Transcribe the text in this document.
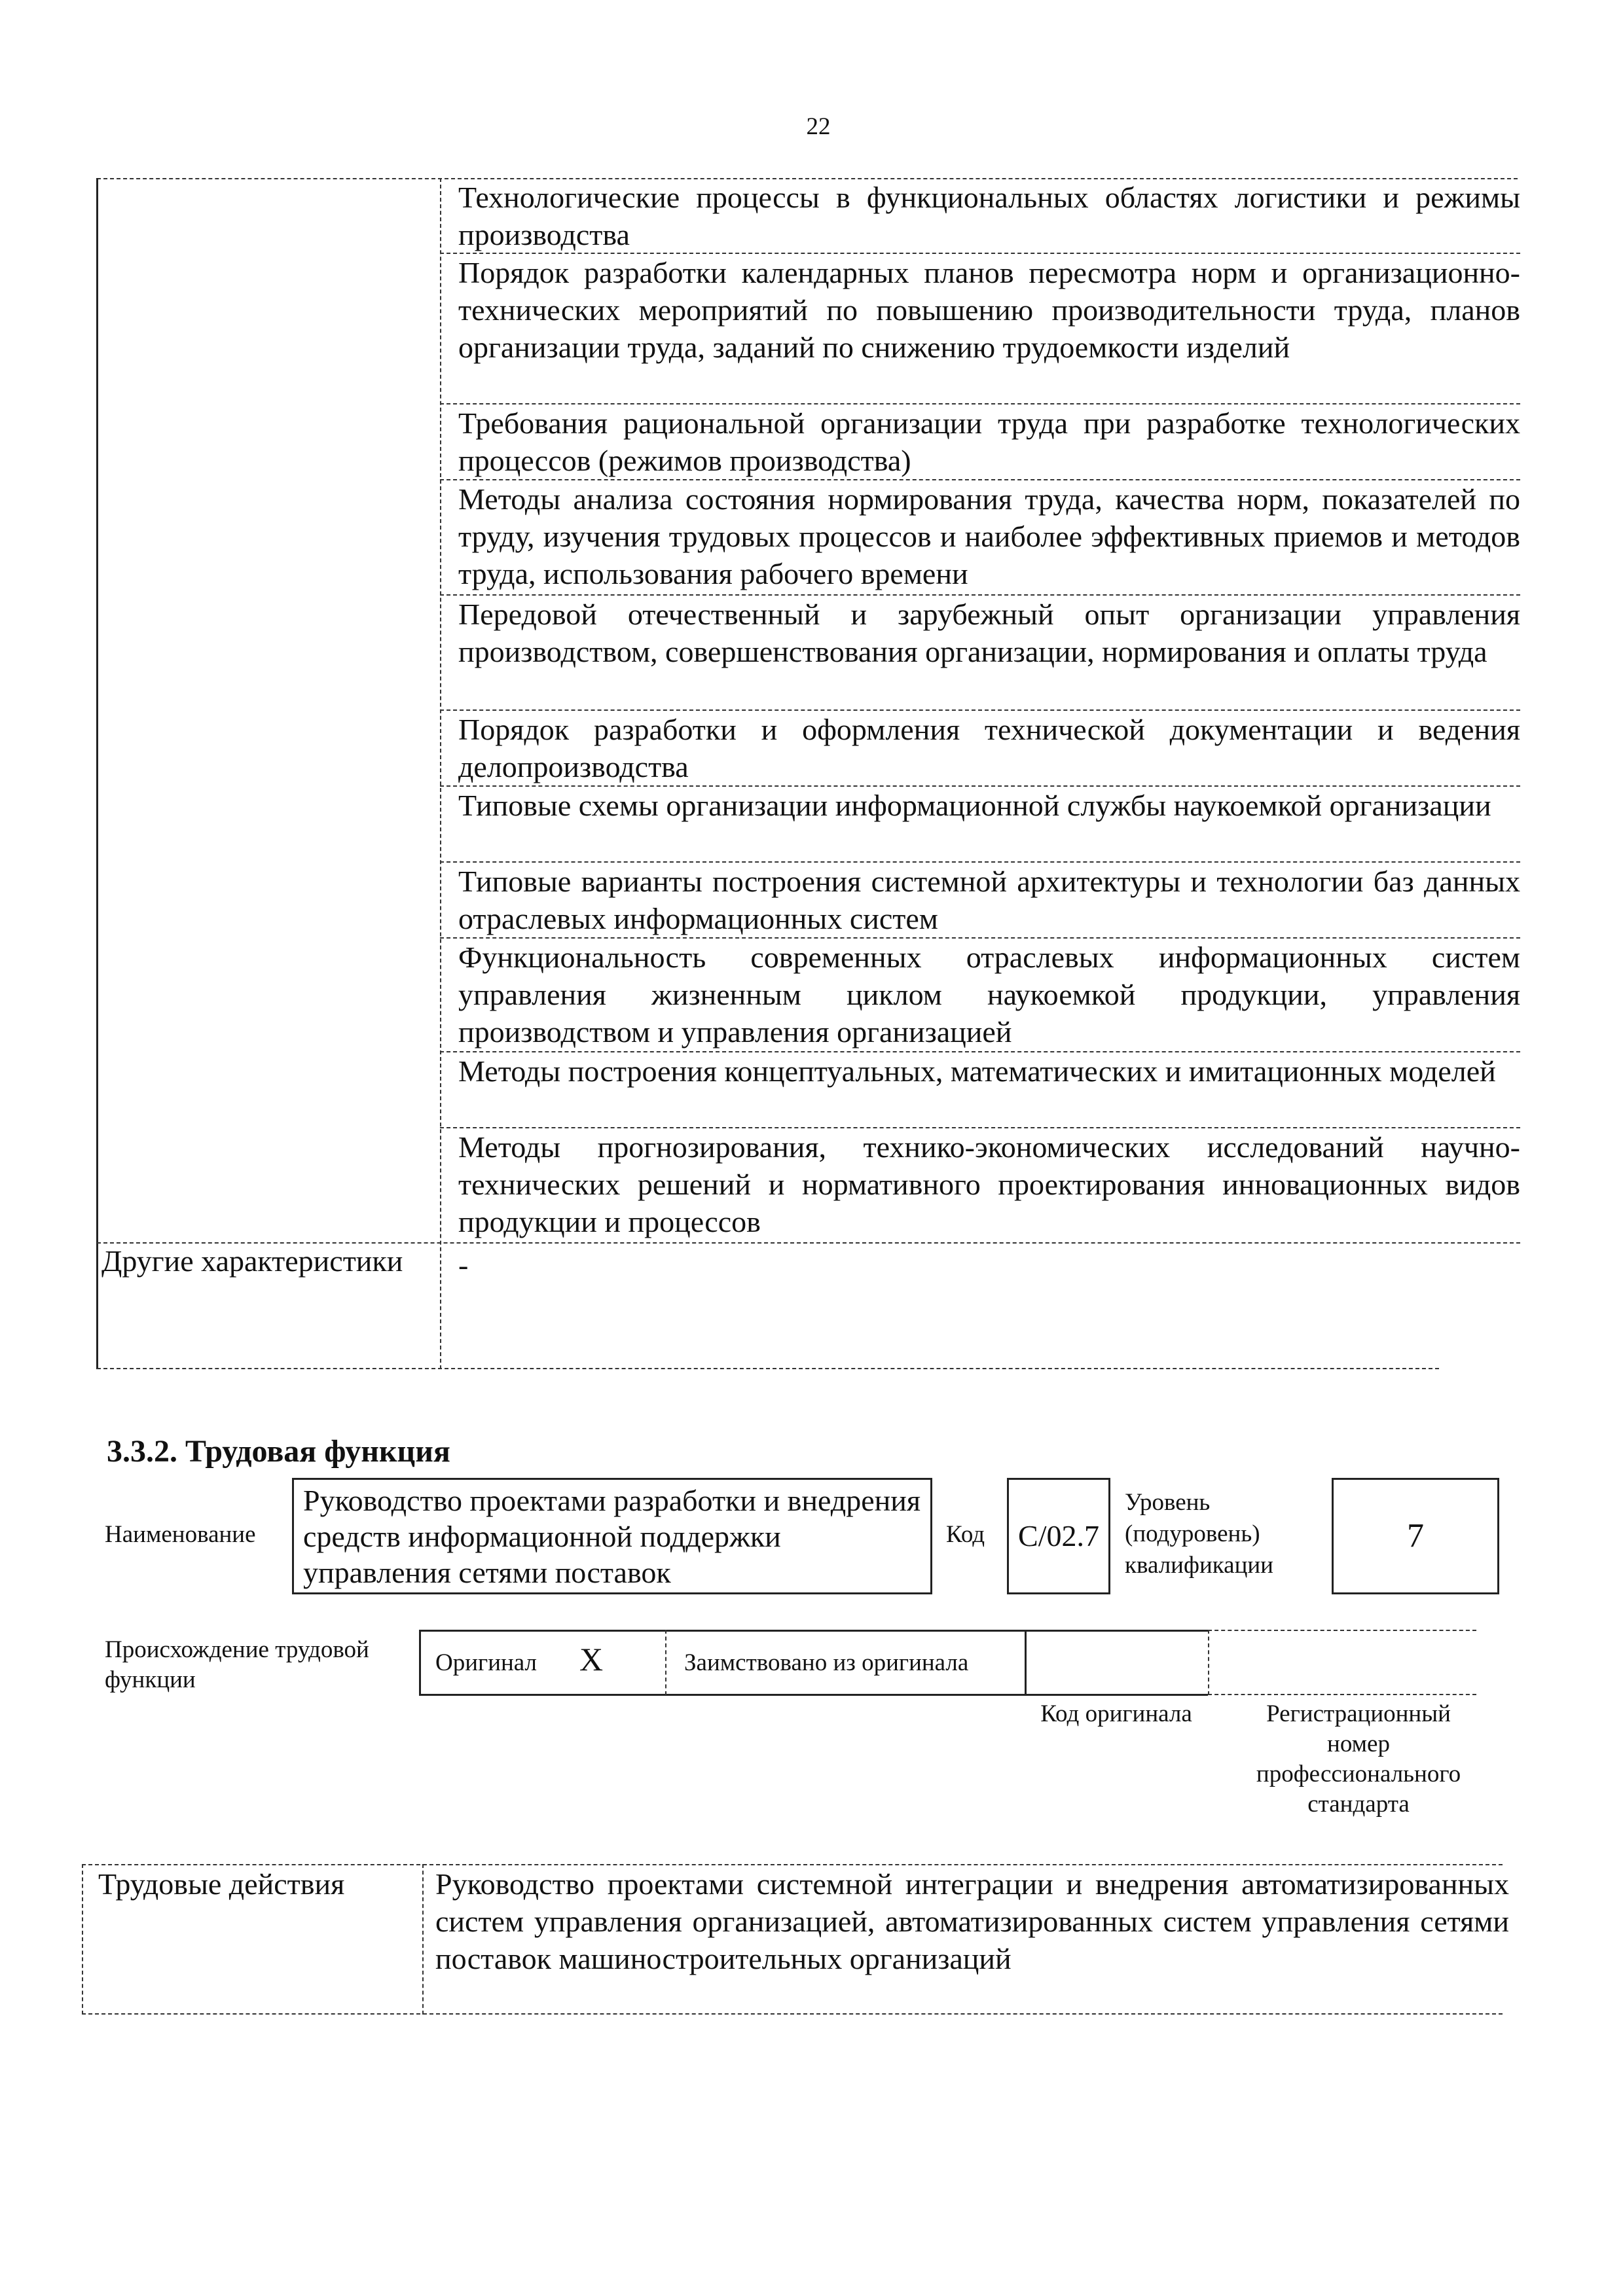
22
Технологические процессы в функциональных областях логистики и режимы производства
Порядок разработки календарных планов пересмотра норм и организационно-технических мероприятий по повышению производительности труда, планов организации труда, заданий по снижению трудоемкости изделий
Требования рациональной организации труда при разработке технологических процессов (режимов производства)
Методы анализа состояния нормирования труда, качества норм, показателей по труду, изучения трудовых процессов и наиболее эффективных приемов и методов труда, использования рабочего времени
Передовой отечественный и зарубежный опыт организации управления производством, совершенствования организации, нормирования и оплаты труда
Порядок разработки и оформления технической документации и ведения делопроизводства
Типовые схемы организации информационной службы наукоемкой организации
Типовые варианты построения системной архитектуры и технологии баз данных отраслевых информационных систем
Функциональность современных отраслевых информационных систем управления жизненным циклом наукоемкой продукции, управления производством и управления организацией
Методы построения концептуальных, математических и имитационных моделей
Методы прогнозирования, технико-экономических исследований научно-технических решений и нормативного проектирования инновационных видов продукции и процессов
Другие характеристики -
3.3.2. Трудовая функция
Наименование
Руководство проектами разработки и внедрения средств информационной поддержки управления сетями поставок
Код	C/02.7
Уровень (подуровень) квалификации
7
Происхождение трудовой функции
Оригинал	X	Заимствовано из оригинала
Код оригинала	Регистрационный номер профессионального стандарта
Трудовые действия	Руководство проектами системной интеграции и внедрения автоматизированных систем управления организацией, автоматизированных систем управления сетями поставок машиностроительных организаций
